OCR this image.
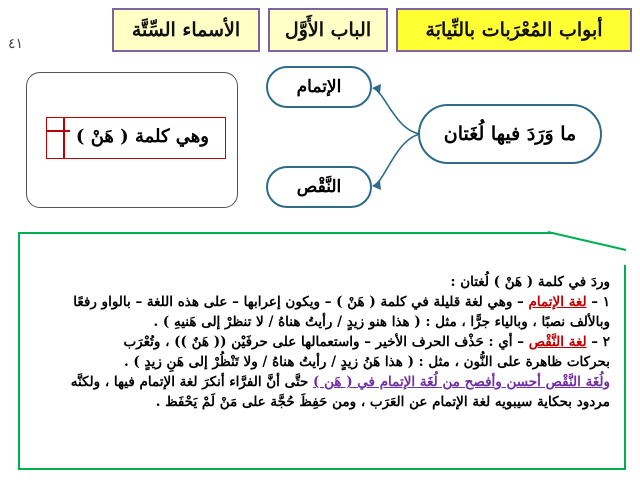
أبواب المُعْرَبات بالنِّيابَة
الباب الأَوَّل
الأسماء السِّتَّة
٤١
وهي كلمة ( هَنْ )	ما وَرَدَ فيها لُغَتان
الإتمام
النَّقْص

وردَ في كلمة ( هَنْ ) لُغتان :

١ – لغة الإتمام – وهي لغة قليلة في كلمة ( هَنْ ) – ويكون إعرابها – على هذه اللغة – بالواو رفعًا

وبالألف نصبًا ، وبالياء جرًّا ، مثل : ( هذا هنو زيدٍ / رأيتُ هناهُ / لا تنظرْ إلى هَنيهِ ) .

٢ – لغة النَّقْص – أي : حَذْف الحرف الأخير – واستعمالها على حرفَيْن (( هَنٌ )) ، وتُعْرَب

بحركات ظاهرة على النُّون ، مثل : ( هذا هَنُ زيدٍ / رأيتُ هناهُ / ولا تَنْظُرْ إلى هَنِ زيدٍ ) .

ولُغَة النَّقْص أحسن وأفصح من لُغَة الإتمام في ( هَن ) حتَّى أنَّ الفرَّاء أنكرَ لغة الإتمام فيها ، ولكنَّه

مردود بحكاية سيبويه لغة الإتمام عن العَرَب ، ومن حَفِظَ حُجَّة على مَنْ لَمْ يَحْفَظ .
